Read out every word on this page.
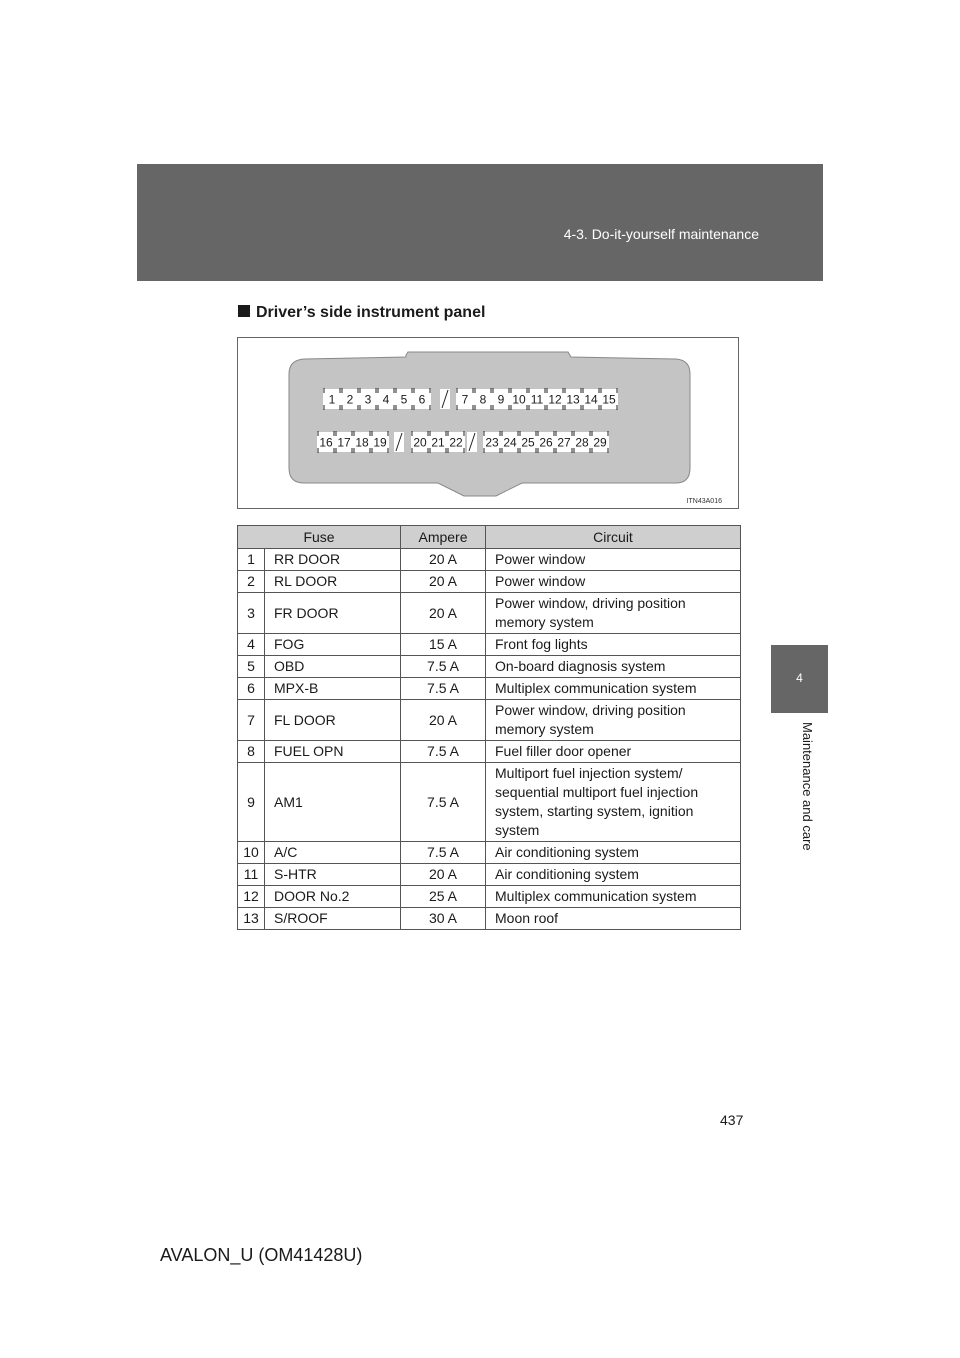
4-3. Do-it-yourself maintenance
4
Maintenance and care
Driver’s side instrument panel
1 2 3 4 5 6	7 8 9 10 11 12 13 14 15
16 17 18 19 20 21 22 23 24 25 26 27 28 29
ITN43A016
Fuse		Ampere	Circuit
1	RR DOOR	20 A	Power window
2	RL DOOR	20 A	Power window
3	FR DOOR	20 A	Power window, driving position memory system
4	FOG	15 A	Front fog lights
5	OBD	7.5 A	On-board diagnosis system
6	MPX-B	7.5 A	Multiplex communication system
7	FL DOOR	20 A	Power window, driving position memory system
8	FUEL OPN	7.5 A	Fuel filler door opener
9	AM1	7.5 A	Multiport fuel injection system/ sequential multiport fuel injection system, starting system, ignition system
10	A/C	7.5 A	Air conditioning system
11	S-HTR	20 A	Air conditioning system
12	DOOR No.2	25 A	Multiplex communication system
13	S/ROOF	30 A	Moon roof
437
AVALON_U (OM41428U)
